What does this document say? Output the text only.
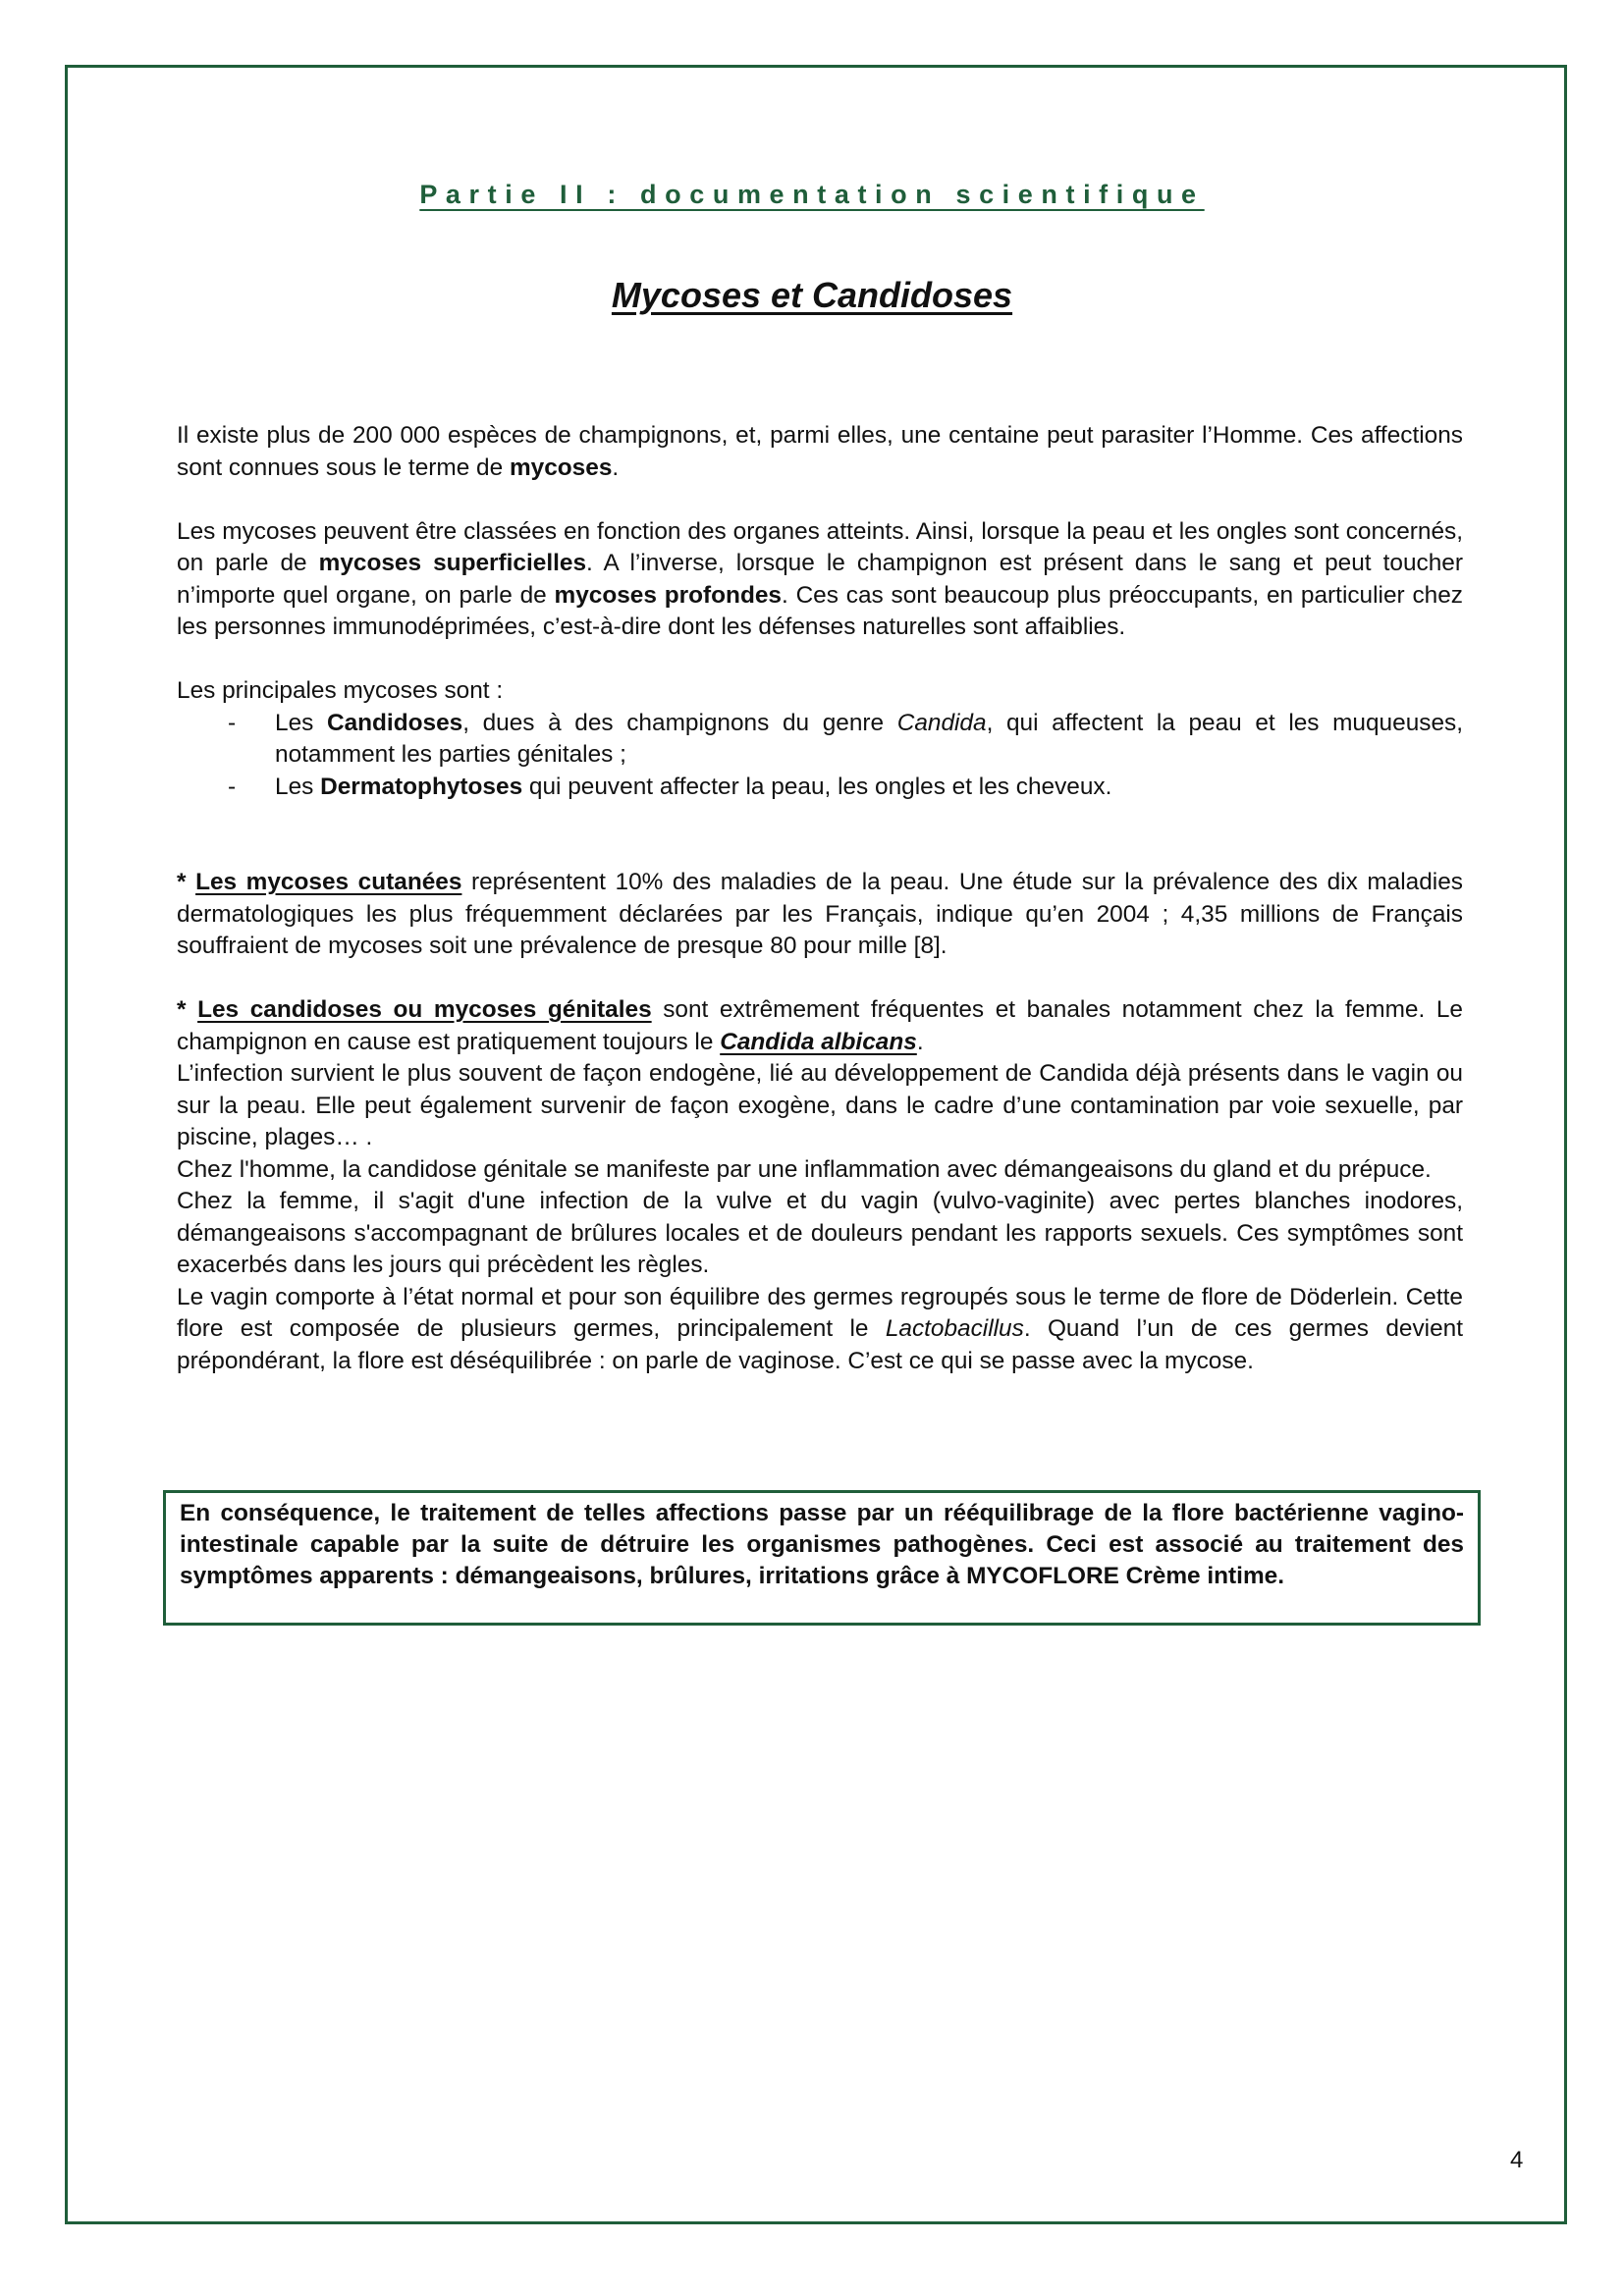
Partie II : documentation scientifique
Mycoses et Candidoses

Il existe plus de 200 000 espèces de champignons, et, parmi elles, une centaine peut parasiter l’Homme. Ces affections sont connues sous le terme de mycoses.

Les mycoses peuvent être classées en fonction des organes atteints. Ainsi, lorsque la peau et les ongles sont concernés, on parle de mycoses superficielles. A l’inverse, lorsque le champignon est présent dans le sang et peut toucher n’importe quel organe, on parle de mycoses profondes. Ces cas sont beaucoup plus préoccupants, en particulier chez les personnes immunodéprimées, c’est-à-dire dont les défenses naturelles sont affaiblies.

Les principales mycoses sont :

- Les Candidoses, dues à des champignons du genre Candida, qui affectent la peau et les muqueuses, notamment les parties génitales ;
- Les Dermatophytoses qui peuvent affecter la peau, les ongles et les cheveux.

* Les mycoses cutanées représentent 10% des maladies de la peau. Une étude sur la prévalence des dix maladies dermatologiques les plus fréquemment déclarées par les Français, indique qu’en 2004 ; 4,35 millions de Français souffraient de mycoses soit une prévalence de presque 80 pour mille [8].

* Les candidoses ou mycoses génitales sont extrêmement fréquentes et banales notamment chez la femme. Le champignon en cause est pratiquement toujours le Candida albicans.

L’infection survient le plus souvent de façon endogène, lié au développement de Candida déjà présents dans le vagin ou sur la peau. Elle peut également survenir de façon exogène, dans le cadre d’une contamination par voie sexuelle, par piscine, plages… .

Chez l'homme, la candidose génitale se manifeste par une inflammation avec démangeaisons du gland et du prépuce.

Chez la femme, il s'agit d'une infection de la vulve et du vagin (vulvo-vaginite) avec pertes blanches inodores, démangeaisons s'accompagnant de brûlures locales et de douleurs pendant les rapports sexuels. Ces symptômes sont exacerbés dans les jours qui précèdent les règles.

Le vagin comporte à l’état normal et pour son équilibre des germes regroupés sous le terme de flore de Döderlein. Cette flore est composée de plusieurs germes, principalement le Lactobacillus. Quand l’un de ces germes devient prépondérant, la flore est déséquilibrée : on parle de vaginose. C’est ce qui se passe avec la mycose.

En conséquence, le traitement de telles affections passe par un rééquilibrage de la flore bactérienne vagino-intestinale capable par la suite de détruire les organismes pathogènes. Ceci est associé au traitement des symptômes apparents : démangeaisons, brûlures, irritations grâce à MYCOFLORE Crème intime.
4
